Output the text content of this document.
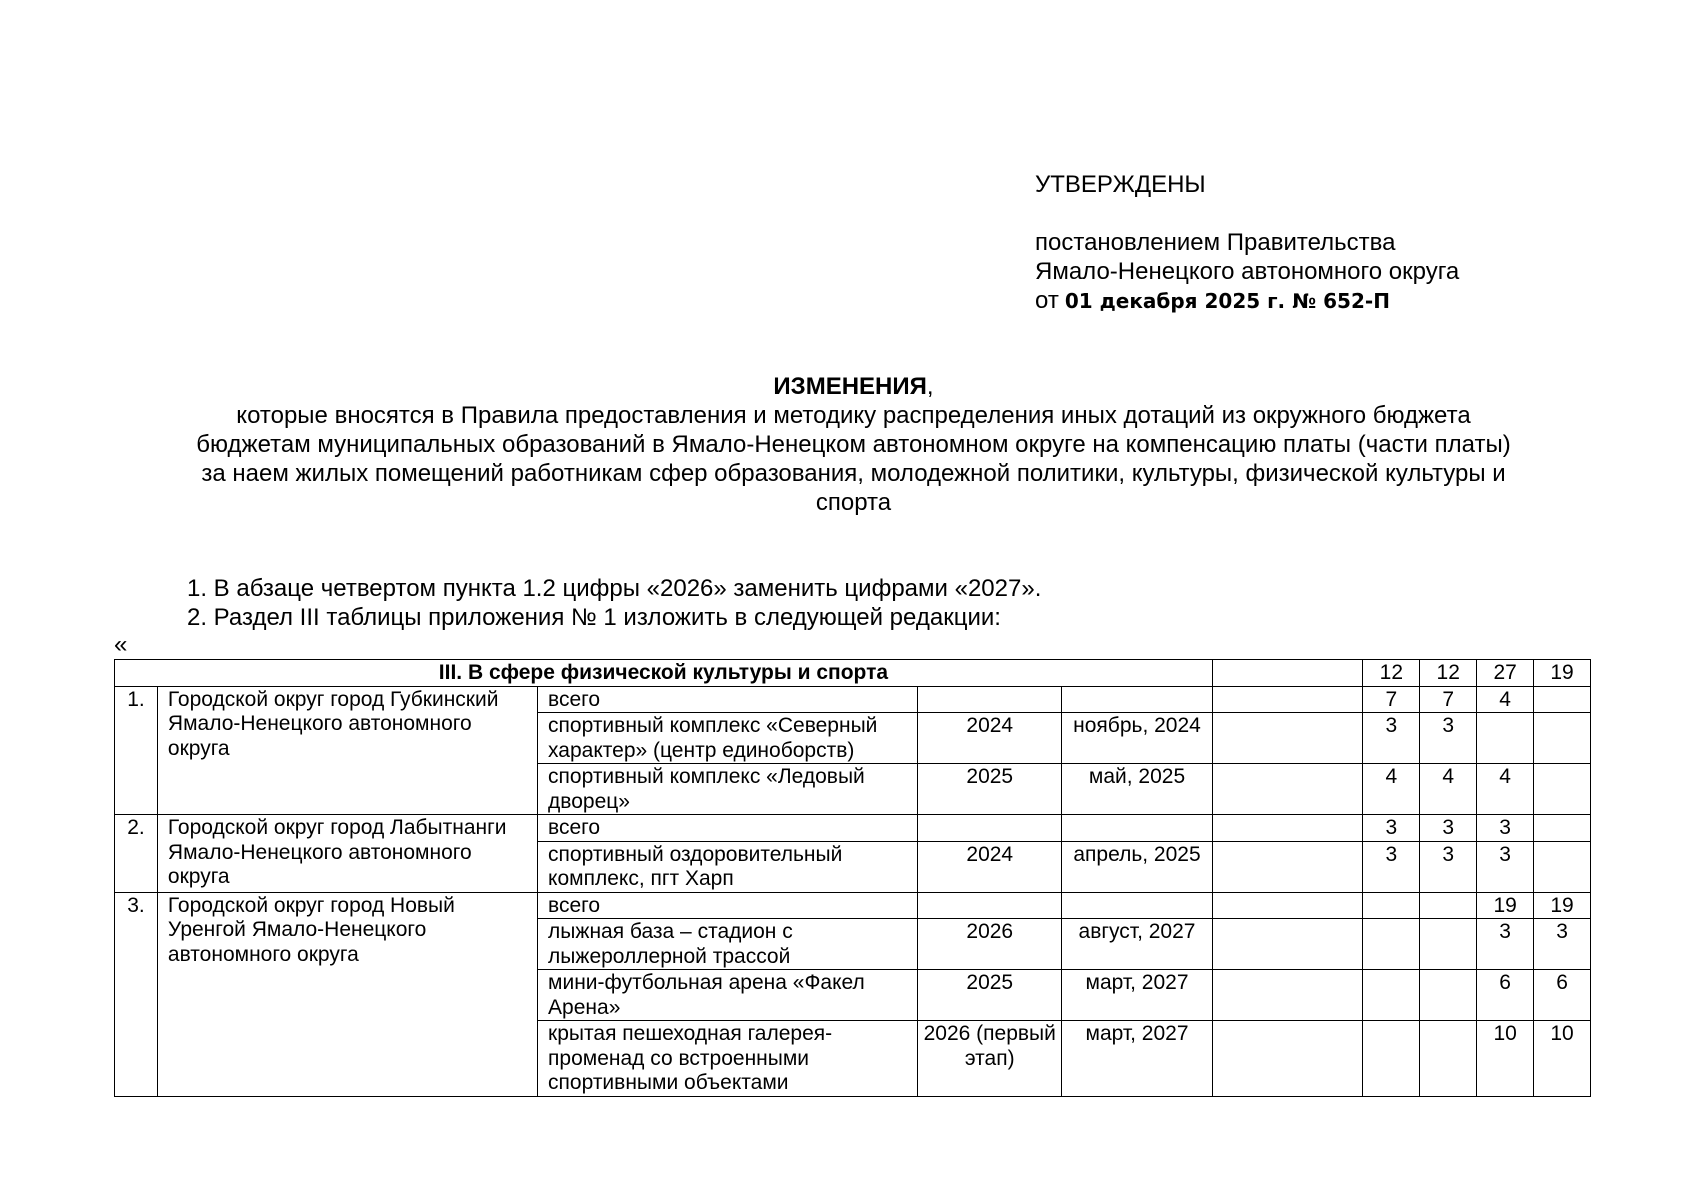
УТВЕРЖДЕНЫ
постановлением Правительства
Ямало-Ненецкого автономного округа
от 01 декабря 2025 г. № 652-П
ИЗМЕНЕНИЯ,
которые вносятся в Правила предоставления и методику распределения иных дотаций из окружного бюджета
бюджетам муниципальных образований в Ямало-Ненецком автономном округе на компенсацию платы (части платы)
за наем жилых помещений работникам сфер образования, молодежной политики, культуры, физической культуры и
спорта
1. В абзаце четвертом пункта 1.2 цифры «2026» заменить цифрами «2027».
2. Раздел III таблицы приложения № 1 изложить в следующей редакции:
«
III. В сфере физической культуры и спорта						12	12	27	19
1.	Городской округ город Губкинский Ямало-Ненецкого автономного округа	всего				7	7	4	
		спортивный комплекс «Северный характер» (центр единоборств)	2024	ноябрь, 2024		3	3		
		спортивный комплекс «Ледовый дворец»	2025	май, 2025		4	4	4	
2.	Городской округ город Лабытнанги Ямало-Ненецкого автономного округа	всего				3	3	3	
		спортивный оздоровительный комплекс, пгт Харп	2024	апрель, 2025		3	3	3	
3.	Городской округ город Новый Уренгой Ямало-Ненецкого автономного округа	всего						19	19
		лыжная база – стадион с лыжероллерной трассой	2026	август, 2027				3	3
		мини-футбольная арена «Факел Арена»	2025	март, 2027				6	6
		крытая пешеходная галерея-променад со встроенными спортивными объектами	2026 (первый этап)	март, 2027				10	10
